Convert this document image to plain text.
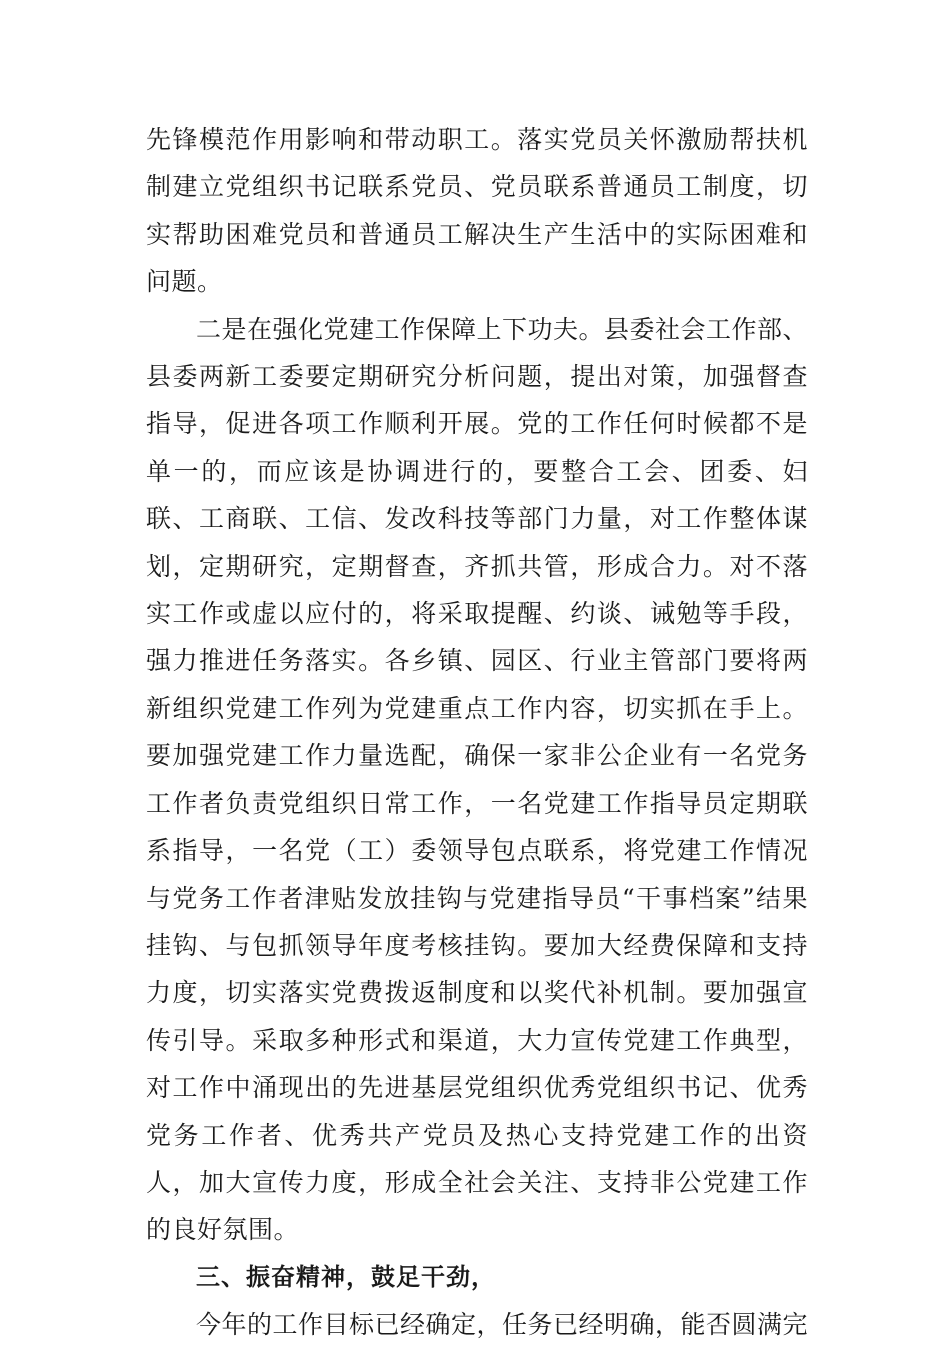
先锋模范作用影响和带动职工。落实党员关怀激励帮扶机制建立党组织书记联系党员、党员联系普通员工制度，切实帮助困难党员和普通员工解决生产生活中的实际困难和问题。

二是在强化党建工作保障上下功夫。县委社会工作部、县委两新工委要定期研究分析问题，提出对策，加强督查指导，促进各项工作顺利开展。党的工作任何时候都不是单一的，而应该是协调进行的，要整合工会、团委、妇联、工商联、工信、发改科技等部门力量，对工作整体谋划，定期研究，定期督查，齐抓共管，形成合力。对不落实工作或虚以应付的，将采取提醒、约谈、诫勉等手段，强力推进任务落实。各乡镇、园区、行业主管部门要将两新组织党建工作列为党建重点工作内容，切实抓在手上。要加强党建工作力量选配，确保一家非公企业有一名党务工作者负责党组织日常工作，一名党建工作指导员定期联系指导，一名党（工）委领导包点联系，将党建工作情况与党务工作者津贴发放挂钩与党建指导员“干事档案”结果挂钩、与包抓领导年度考核挂钩。要加大经费保障和支持力度，切实落实党费拨返制度和以奖代补机制。要加强宣传引导。采取多种形式和渠道，大力宣传党建工作典型，对工作中涌现出的先进基层党组织优秀党组织书记、优秀党务工作者、优秀共产党员及热心支持党建工作的出资人，加大宣传力度，形成全社会关注、支持非公党建工作的良好氛围。

三、振奋精神，鼓足干劲，

今年的工作目标已经确定，任务已经明确，能否圆满完
